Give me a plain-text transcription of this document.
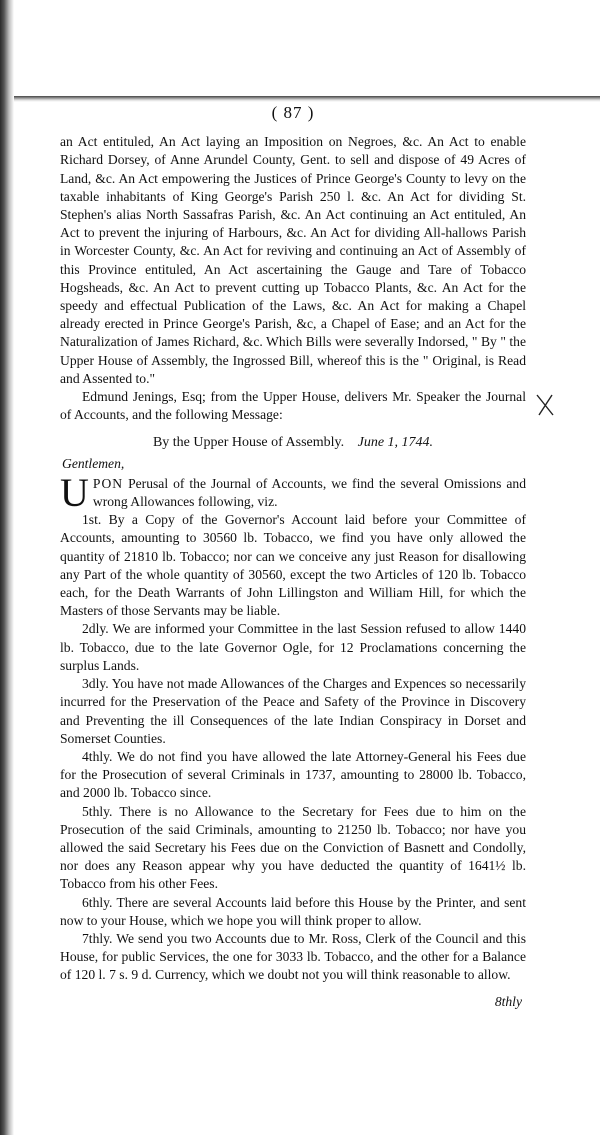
( 87 )

an Act entituled, An Act laying an Imposition on Negroes, &c. An Act to enable Richard Dorsey, of Anne Arundel County, Gent. to sell and dispose of 49 Acres of Land, &c. An Act empowering the Justices of Prince George's County to levy on the taxable inhabitants of King George's Parish 250 l. &c. An Act for dividing St. Stephen's alias North Sassafras Parish, &c. An Act continuing an Act entituled, An Act to prevent the injuring of Harbours, &c. An Act for dividing All-hallows Parish in Worcester County, &c. An Act for reviving and continuing an Act of Assembly of this Province entituled, An Act ascertaining the Gauge and Tare of Tobacco Hogsheads, &c. An Act to prevent cutting up Tobacco Plants, &c. An Act for the speedy and effectual Publication of the Laws, &c. An Act for making a Chapel already erected in Prince George's Parish, &c, a Chapel of Ease; and an Act for the Naturalization of James Richard, &c. Which Bills were severally Indorsed, " By " the Upper House of Assembly, the Ingrossed Bill, whereof this is the " Original, is Read and Assented to."

Edmund Jenings, Esq; from the Upper House, delivers Mr. Speaker the Journal of Accounts, and the following Message:

By the Upper House of Assembly. June 1, 1744.
Gentlemen,

UPON Perusal of the Journal of Accounts, we find the several Omissions and wrong Allowances following, viz.

1st. By a Copy of the Governor's Account laid before your Committee of Accounts, amounting to 30560 lb. Tobacco, we find you have only allowed the quantity of 21810 lb. Tobacco; nor can we conceive any just Reason for disallowing any Part of the whole quantity of 30560, except the two Articles of 120 lb. Tobacco each, for the Death Warrants of John Lillingston and William Hill, for which the Masters of those Servants may be liable.

2dly. We are informed your Committee in the last Session refused to allow 1440 lb. Tobacco, due to the late Governor Ogle, for 12 Proclamations concerning the surplus Lands.

3dly. You have not made Allowances of the Charges and Expences so necessarily incurred for the Preservation of the Peace and Safety of the Province in Discovery and Preventing the ill Consequences of the late Indian Conspiracy in Dorset and Somerset Counties.

4thly. We do not find you have allowed the late Attorney-General his Fees due for the Prosecution of several Criminals in 1737, amounting to 28000 lb. Tobacco, and 2000 lb. Tobacco since.

5thly. There is no Allowance to the Secretary for Fees due to him on the Prosecution of the said Criminals, amounting to 21250 lb. Tobacco; nor have you allowed the said Secretary his Fees due on the Conviction of Basnett and Condolly, nor does any Reason appear why you have deducted the quantity of 1641½ lb. Tobacco from his other Fees.

6thly. There are several Accounts laid before this House by the Printer, and sent now to your House, which we hope you will think proper to allow.

7thly. We send you two Accounts due to Mr. Ross, Clerk of the Council and this House, for public Services, the one for 3033 lb. Tobacco, and the other for a Balance of 120 l. 7 s. 9 d. Currency, which we doubt not you will think reasonable to allow.

8thly
